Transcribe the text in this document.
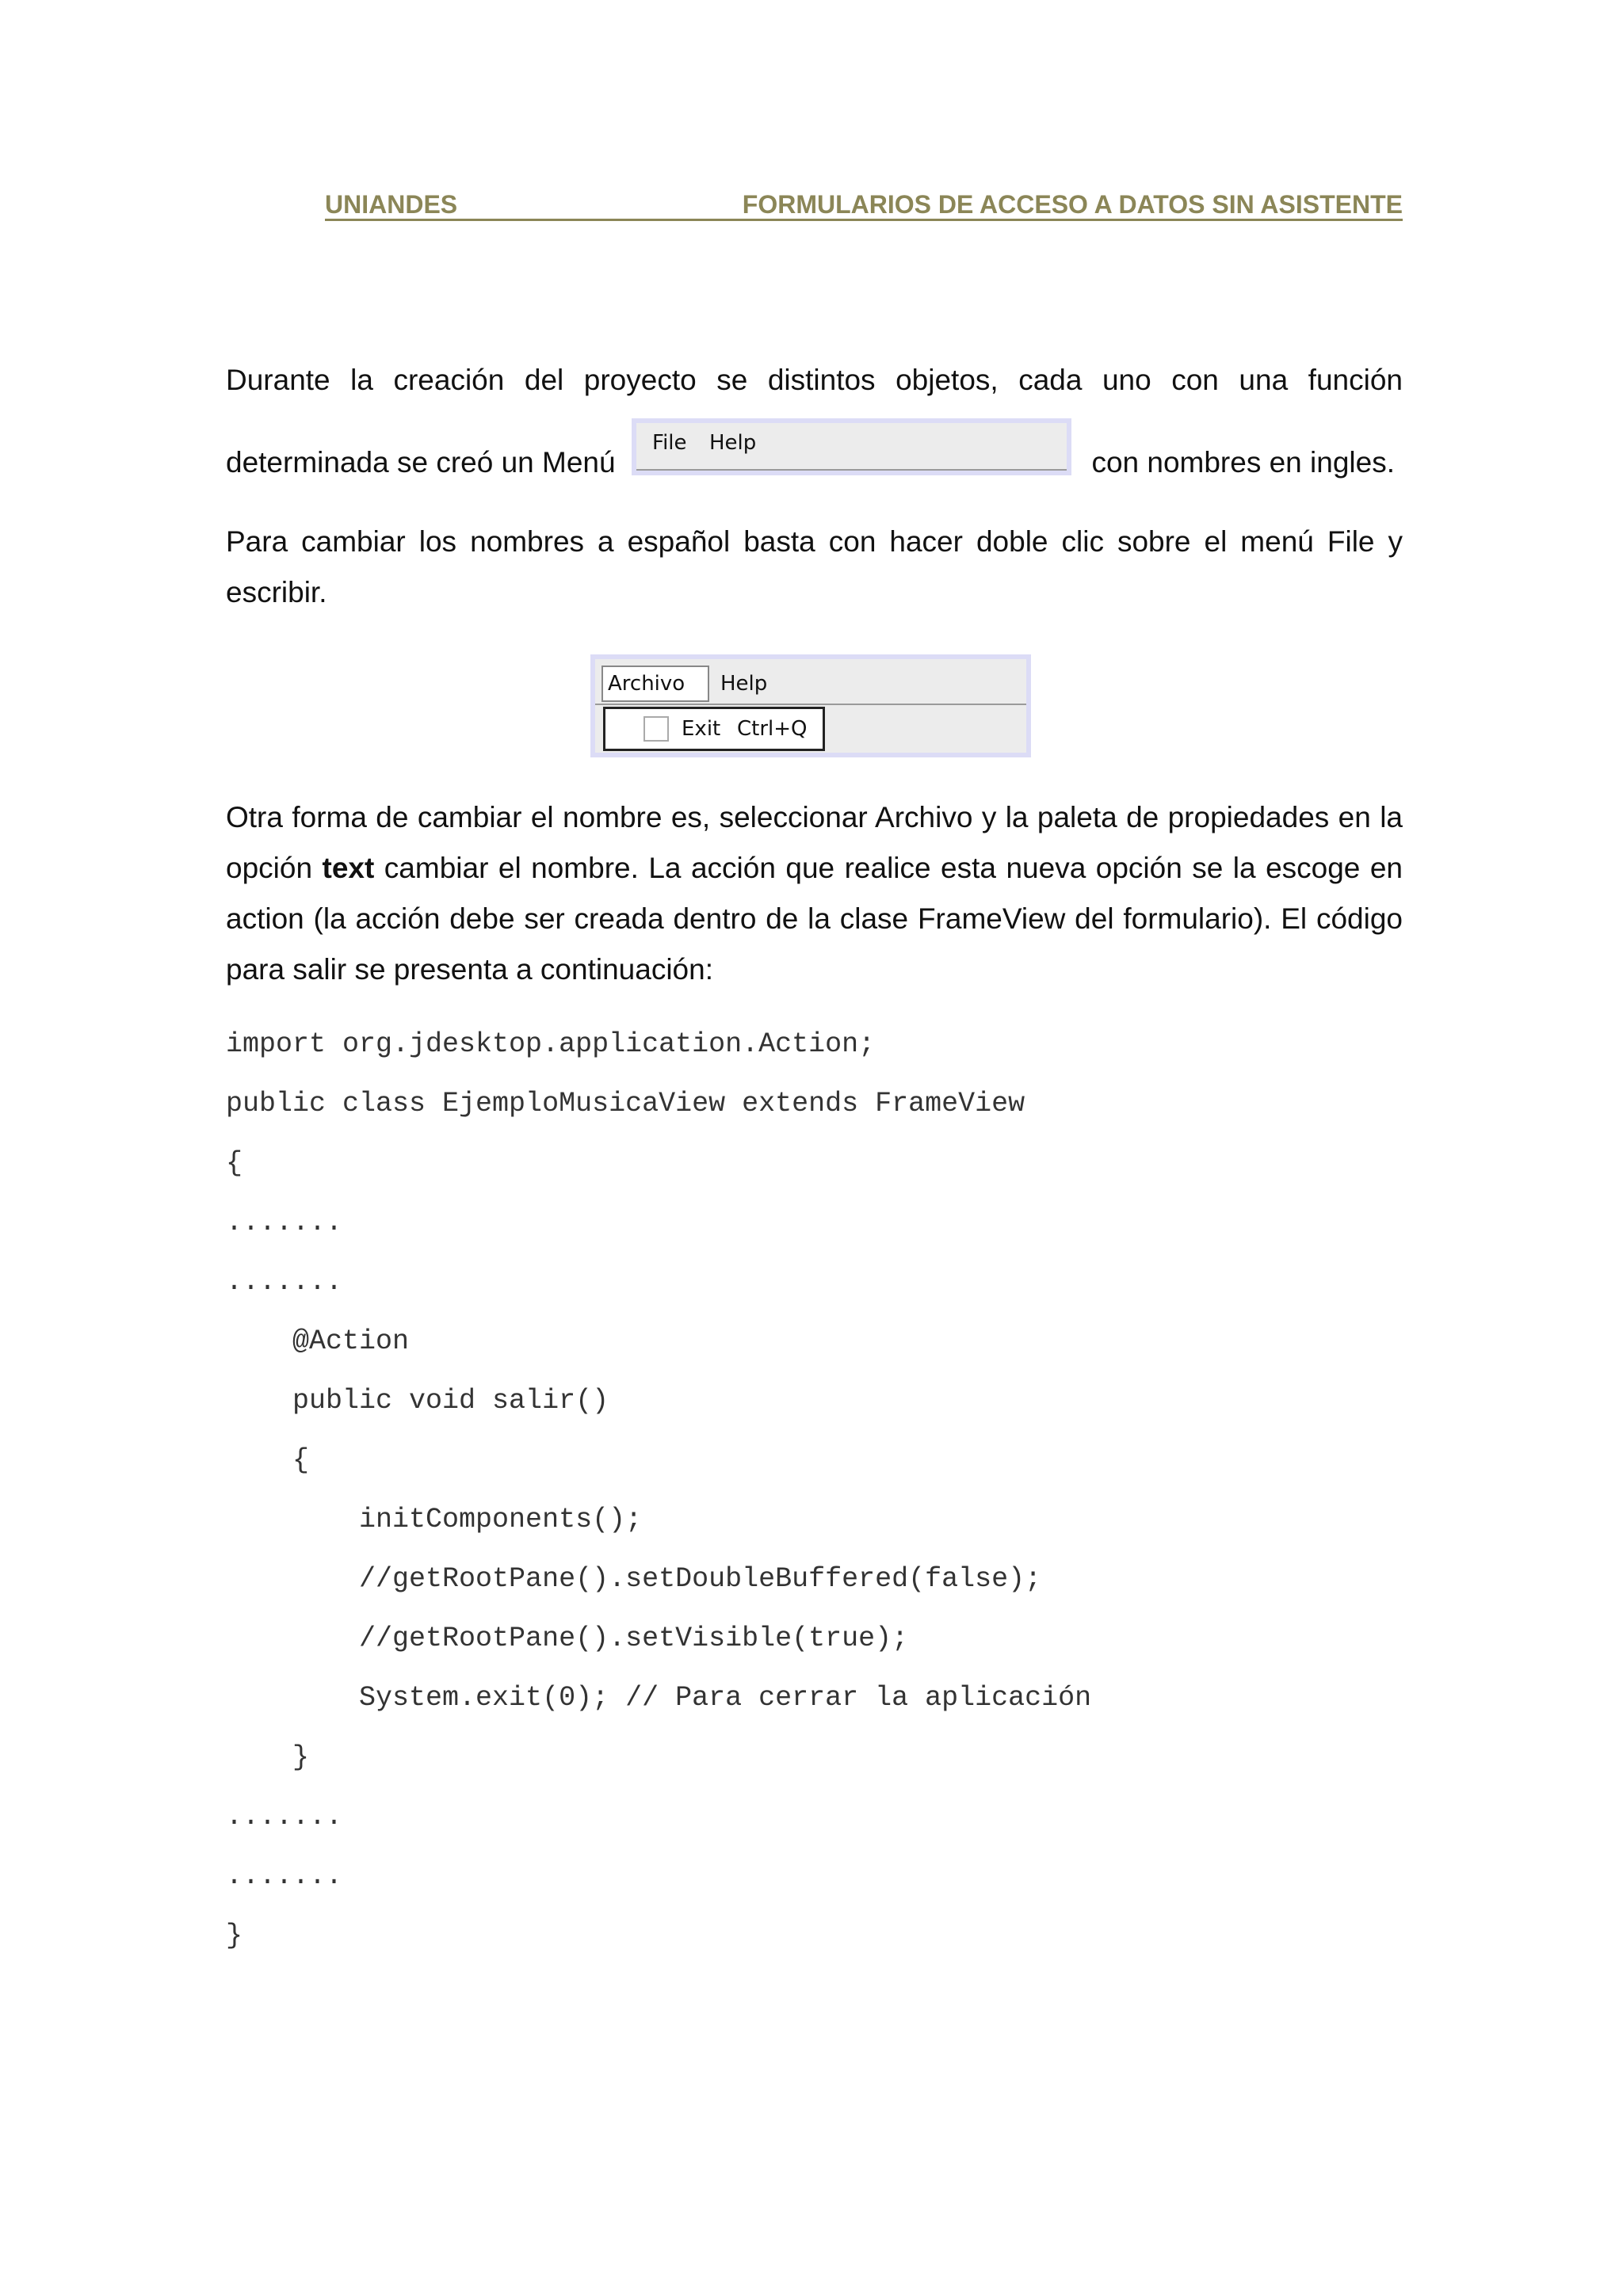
UNIANDES	FORMULARIOS DE ACCESO A DATOS SIN ASISTENTE
Durante la creación del proyecto se distintos objetos, cada uno con una función
determinada se creó un Menú	con nombres en ingles.
File Help
Para cambiar los nombres a español basta con hacer doble clic sobre el menú File y escribir.
Archivo	Help
Exit Ctrl+Q
Otra forma de cambiar el nombre es, seleccionar Archivo y la paleta de propiedades en la opción text cambiar el nombre. La acción que realice esta nueva opción se la escoge en action (la acción debe ser creada dentro de la clase FrameView del formulario). El código para salir se presenta a continuación:
import org.jdesktop.application.Action;
public class EjemploMusicaView extends FrameView
{
.......
.......
@Action
public void salir()
{
initComponents();
//getRootPane().setDoubleBuffered(false);
//getRootPane().setVisible(true);
System.exit(0); // Para cerrar la aplicación
}
.......
.......
}
